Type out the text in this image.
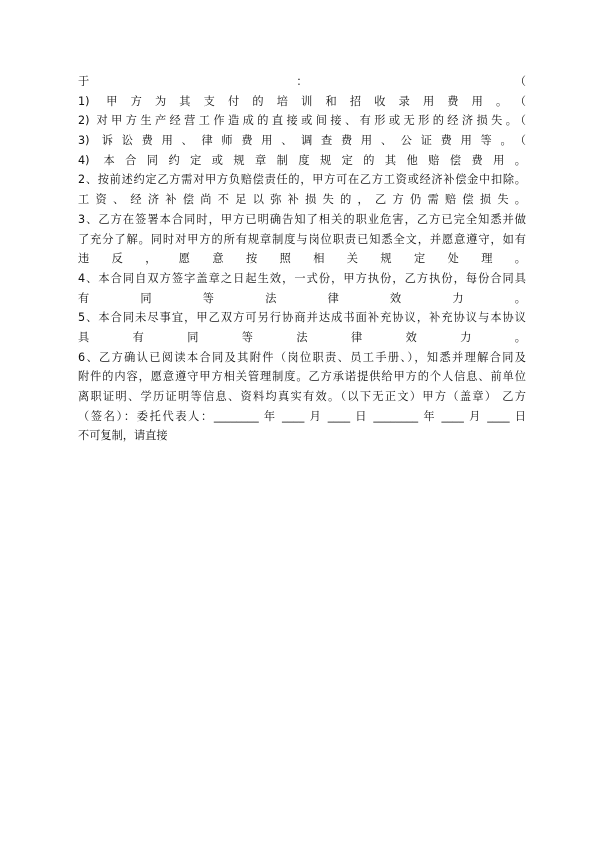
于 ： （
1) 甲方为其支付的培训和招收录用费用。（
2) 对甲方生产经营工作造成的直接或间接、有形或无形的经济损失。（
3) 诉讼费用、律师费用、调查费用、公证费用等。（
4) 本合同约定或规章制度规定的其他赔偿费用。
2、按前述约定乙方需对甲方负赔偿责任的，甲方可在乙方工资或经济补偿金中扣除。
工资、经济补偿尚不足以弥补损失的，乙方仍需赔偿损失。
3、乙方在签署本合同时，甲方已明确告知了相关的职业危害，乙方已完全知悉并做
了充分了解。同时对甲方的所有规章制度与岗位职责已知悉全文，并愿意遵守，如有
违反，愿意按照相关规定处理。
4、本合同自双方签字盖章之日起生效，一式份，甲方执份，乙方执份，每份合同具
有同等法律效力。
5、本合同未尽事宜，甲乙双方可另行协商并达成书面补充协议，补充协议与本协议
具有同等法律效力。
6、乙方确认已阅读本合同及其附件（岗位职责、员工手册、），知悉并理解合同及
附件的内容，愿意遵守甲方相关管理制度。乙方承诺提供给甲方的个人信息、前单位
离职证明、学历证明等信息、资料均真实有效。（以下无正文）甲方（盖章） 乙方
（签名）：委托代表人：________ 年 ____ 月 ____ 日 ________ 年 ____ 月 ____ 日
不可复制，请直接
